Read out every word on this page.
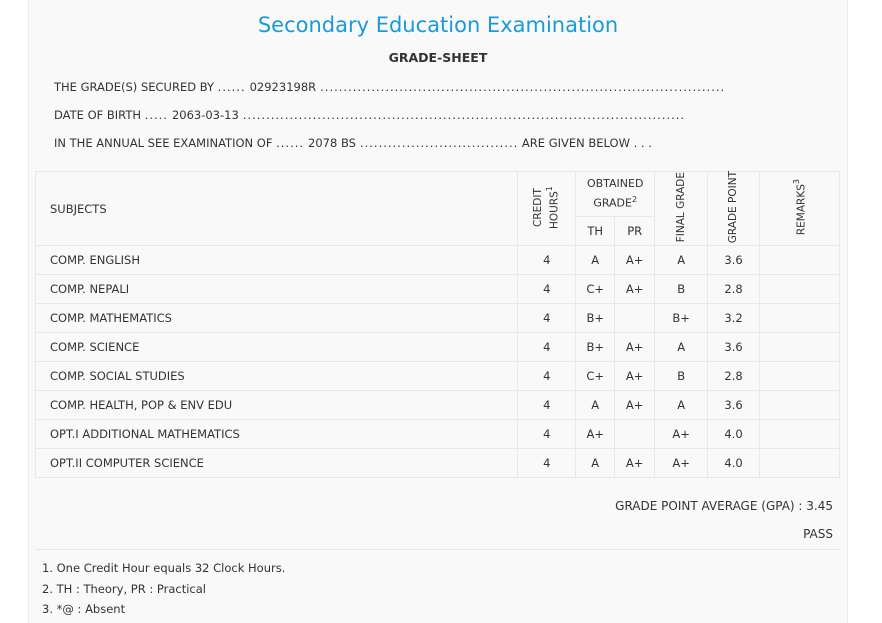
Secondary Education Examination
GRADE-SHEET
THE GRADE(S) SECURED BY ...... 02923198R .......................................................................................
DATE OF BIRTH ..... 2063-03-13 ...............................................................................................
IN THE ANNUAL SEE EXAMINATION OF ...... 2078 BS .................................. ARE GIVEN BELOW . . .
SUBJECTS	CREDIT HOURS$^1$	OBTAINED GRADE$^2$		FINAL GRADE	GRADE POINT	REMARKS$^3$
		TH	PR			
COMP. ENGLISH	4	A	A+	A	3.6	
COMP. NEPALI	4	C+	A+	B	2.8	
COMP. MATHEMATICS	4	B+		B+	3.2	
COMP. SCIENCE	4	B+	A+	A	3.6	
COMP. SOCIAL STUDIES	4	C+	A+	B	2.8	
COMP. HEALTH, POP & ENV EDU	4	A	A+	A	3.6	
OPT.I ADDITIONAL MATHEMATICS	4	A+		A+	4.0	
OPT.II COMPUTER SCIENCE	4	A	A+	A+	4.0	
GRADE POINT AVERAGE (GPA) : 3.45
PASS
1. One Credit Hour equals 32 Clock Hours.
2. TH : Theory, PR : Practical
3. *@ : Absent
